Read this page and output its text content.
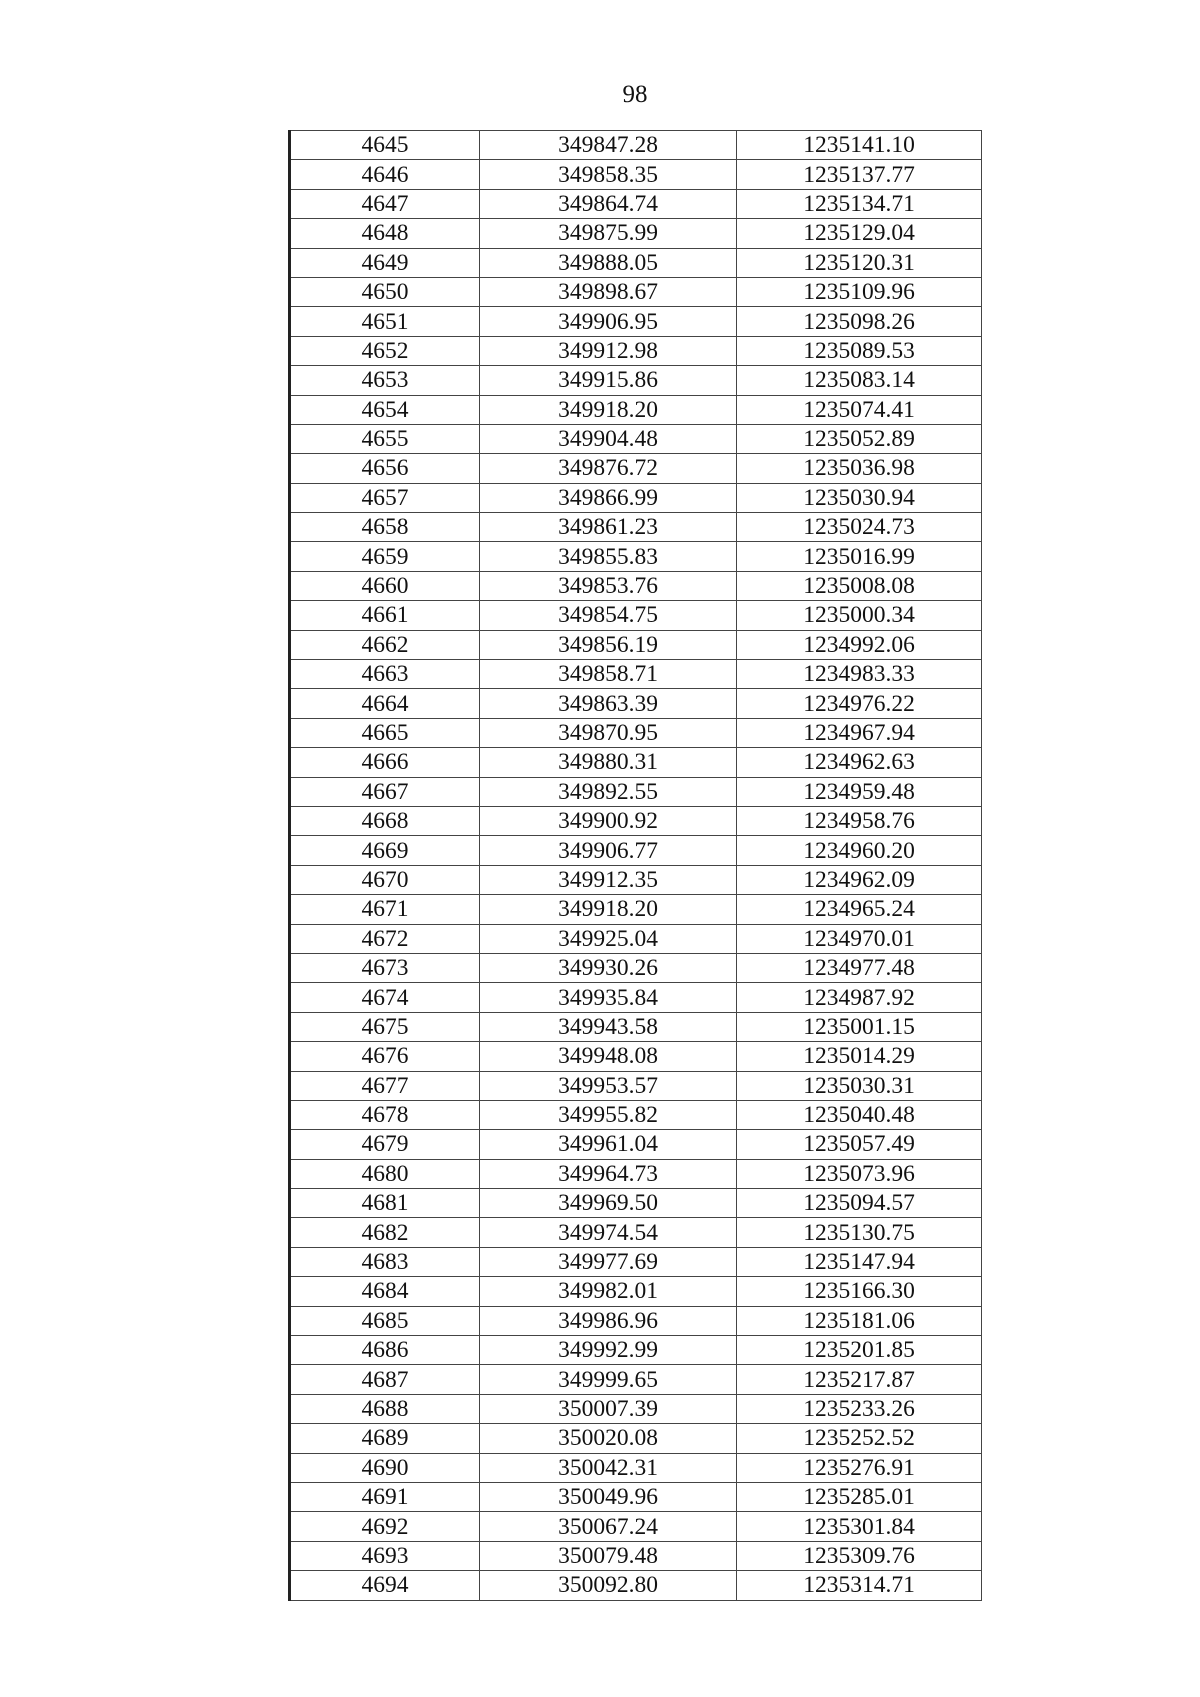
98
4645	349847.28	1235141.10
4646	349858.35	1235137.77
4647	349864.74	1235134.71
4648	349875.99	1235129.04
4649	349888.05	1235120.31
4650	349898.67	1235109.96
4651	349906.95	1235098.26
4652	349912.98	1235089.53
4653	349915.86	1235083.14
4654	349918.20	1235074.41
4655	349904.48	1235052.89
4656	349876.72	1235036.98
4657	349866.99	1235030.94
4658	349861.23	1235024.73
4659	349855.83	1235016.99
4660	349853.76	1235008.08
4661	349854.75	1235000.34
4662	349856.19	1234992.06
4663	349858.71	1234983.33
4664	349863.39	1234976.22
4665	349870.95	1234967.94
4666	349880.31	1234962.63
4667	349892.55	1234959.48
4668	349900.92	1234958.76
4669	349906.77	1234960.20
4670	349912.35	1234962.09
4671	349918.20	1234965.24
4672	349925.04	1234970.01
4673	349930.26	1234977.48
4674	349935.84	1234987.92
4675	349943.58	1235001.15
4676	349948.08	1235014.29
4677	349953.57	1235030.31
4678	349955.82	1235040.48
4679	349961.04	1235057.49
4680	349964.73	1235073.96
4681	349969.50	1235094.57
4682	349974.54	1235130.75
4683	349977.69	1235147.94
4684	349982.01	1235166.30
4685	349986.96	1235181.06
4686	349992.99	1235201.85
4687	349999.65	1235217.87
4688	350007.39	1235233.26
4689	350020.08	1235252.52
4690	350042.31	1235276.91
4691	350049.96	1235285.01
4692	350067.24	1235301.84
4693	350079.48	1235309.76
4694	350092.80	1235314.71
